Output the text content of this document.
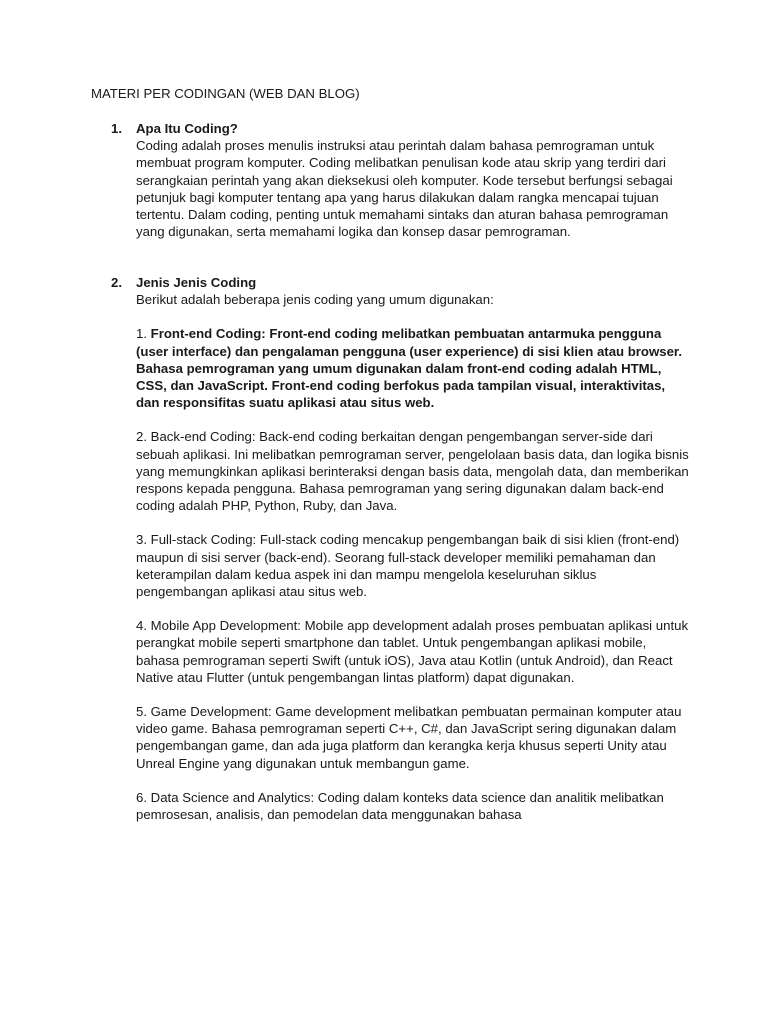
MATERI PER CODINGAN (WEB DAN BLOG)
1.	Apa Itu Coding?

Coding adalah proses menulis instruksi atau perintah dalam bahasa pemrograman untuk membuat program komputer. Coding melibatkan penulisan kode atau skrip yang terdiri dari serangkaian perintah yang akan dieksekusi oleh komputer. Kode tersebut berfungsi sebagai petunjuk bagi komputer tentang apa yang harus dilakukan dalam rangka mencapai tujuan tertentu. Dalam coding, penting untuk memahami sintaks dan aturan bahasa pemrograman yang digunakan, serta memahami logika dan konsep dasar pemrograman.

2.	Jenis Jenis Coding
Berikut adalah beberapa jenis coding yang umum digunakan:

1. Front-end Coding: Front-end coding melibatkan pembuatan antarmuka pengguna (user interface) dan pengalaman pengguna (user experience) di sisi klien atau browser. Bahasa pemrograman yang umum digunakan dalam front-end coding adalah HTML, CSS, dan JavaScript. Front-end coding berfokus pada tampilan visual, interaktivitas, dan responsifitas suatu aplikasi atau situs web.

2. Back-end Coding: Back-end coding berkaitan dengan pengembangan server-side dari sebuah aplikasi. Ini melibatkan pemrograman server, pengelolaan basis data, dan logika bisnis yang memungkinkan aplikasi berinteraksi dengan basis data, mengolah data, dan memberikan respons kepada pengguna. Bahasa pemrograman yang sering digunakan dalam back-end coding adalah PHP, Python, Ruby, dan Java.

3. Full-stack Coding: Full-stack coding mencakup pengembangan baik di sisi klien (front-end) maupun di sisi server (back-end). Seorang full-stack developer memiliki pemahaman dan keterampilan dalam kedua aspek ini dan mampu mengelola keseluruhan siklus pengembangan aplikasi atau situs web.

4. Mobile App Development: Mobile app development adalah proses pembuatan aplikasi untuk perangkat mobile seperti smartphone dan tablet. Untuk pengembangan aplikasi mobile, bahasa pemrograman seperti Swift (untuk iOS), Java atau Kotlin (untuk Android), dan React Native atau Flutter (untuk pengembangan lintas platform) dapat digunakan.

5. Game Development: Game development melibatkan pembuatan permainan komputer atau video game. Bahasa pemrograman seperti C++, C#, dan JavaScript sering digunakan dalam pengembangan game, dan ada juga platform dan kerangka kerja khusus seperti Unity atau Unreal Engine yang digunakan untuk membangun game.

6. Data Science and Analytics: Coding dalam konteks data science dan analitik melibatkan pemrosesan, analisis, dan pemodelan data menggunakan bahasa
